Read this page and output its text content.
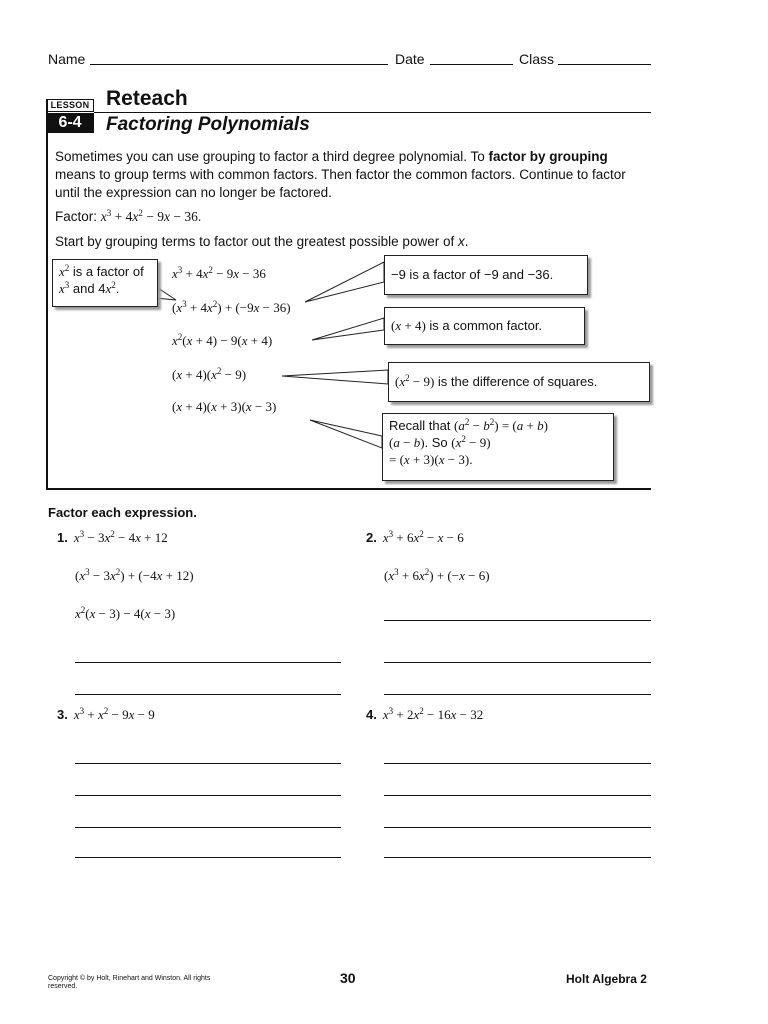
Name	Date	Class
LESSON
6-4
Reteach
Factoring Polynomials
Sometimes you can use grouping to factor a third degree polynomial. To factor by grouping means to group terms with common factors. Then factor the common factors. Continue to factor until the expression can no longer be factored.
Factor: $x^3 + 4x^2 - 9x - 36$.
Start by grouping terms to factor out the greatest possible power of x.
$x^3 + 4x^2 - 9x - 36$
$(x^3 + 4x^2) + (-9x - 36)$
$x^2(x + 4) - 9(x + 4)$
$(x + 4)(x^2 - 9)$
(x + 4)(x + 3)(x − 3)
$x^2$ is a factor of
$x^3$ and $4x^2$.
−9 is a factor of −9 and −36.
(x + 4) is a common factor.
$(x^2 - 9)$ is the difference of squares.
Recall that $(a^2 - b^2) = (a + b)$
(a − b). So $(x^2 - 9)$
= (x + 3)(x − 3).
Factor each expression.
1. $x^3 - 3x^2 - 4x + 12$
$(x^3 - 3x^2) + (-4x + 12)$
$x^2(x - 3) - 4(x - 3)$
2. $x^3 + 6x^2 - x - 6$
$(x^3 + 6x^2) + (-x - 6)$
3. $x^3 + x^2 - 9x - 9$	4. $x^3 + 2x^2 - 16x - 32$
Copyright © by Holt, Rinehart and Winston. All rights reserved.
30	Holt Algebra 2
